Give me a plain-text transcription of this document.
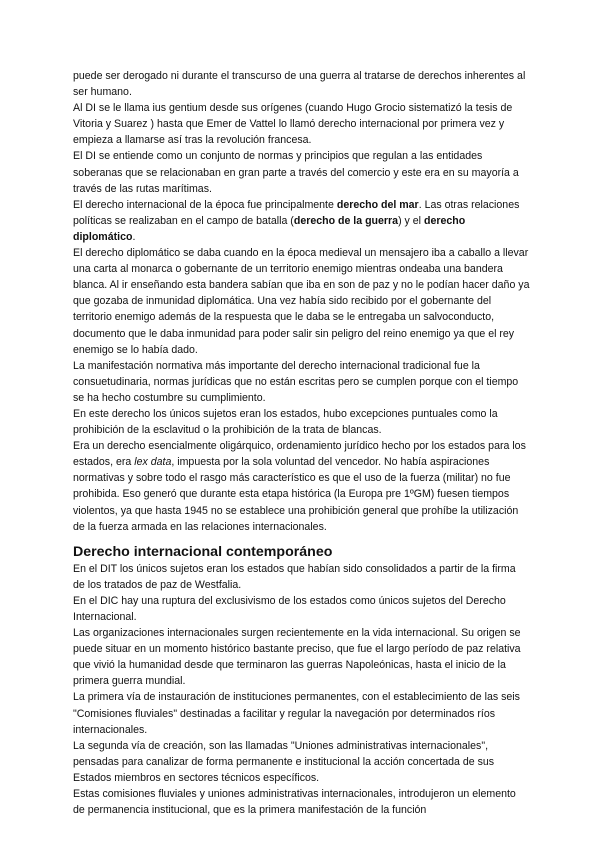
puede ser derogado ni durante el transcurso de una guerra al tratarse de derechos inherentes al ser humano.

Al DI se le llama ius gentium desde sus orígenes (cuando Hugo Grocio sistematizó la tesis de Vitoria y Suarez ) hasta que Emer de Vattel lo llamó derecho internacional por primera vez y empieza a llamarse así tras la revolución francesa.

El DI se entiende como un conjunto de normas y principios que regulan a las entidades soberanas que se relacionaban en gran parte a través del comercio y este era en su mayoría a través de las rutas marítimas.

El derecho internacional de la época fue principalmente derecho del mar. Las otras relaciones políticas se realizaban en el campo de batalla (derecho de la guerra) y el derecho diplomático.

El derecho diplomático se daba cuando en la época medieval un mensajero iba a caballo a llevar una carta al monarca o gobernante de un territorio enemigo mientras ondeaba una bandera blanca. Al ir enseñando esta bandera sabían que iba en son de paz y no le podían hacer daño ya que gozaba de inmunidad diplomática. Una vez había sido recibido por el gobernante del territorio enemigo además de la respuesta que le daba se le entregaba un salvoconducto, documento que le daba inmunidad para poder salir sin peligro del reino enemigo ya que el rey enemigo se lo había dado.

La manifestación normativa más importante del derecho internacional tradicional fue la consuetudinaria, normas jurídicas que no están escritas pero se cumplen porque con el tiempo se ha hecho costumbre su cumplimiento.

En este derecho los únicos sujetos eran los estados, hubo excepciones puntuales como la prohibición de la esclavitud o la prohibición de la trata de blancas.

Era un derecho esencialmente oligárquico, ordenamiento jurídico hecho por los estados para los estados, era lex data, impuesta por la sola voluntad del vencedor. No había aspiraciones normativas y sobre todo el rasgo más característico es que el uso de la fuerza (militar) no fue prohibida. Eso generó que durante esta etapa histórica (la Europa pre 1ºGM) fuesen tiempos violentos, ya que hasta 1945 no se establece una prohibición general que prohíbe la utilización de la fuerza armada en las relaciones internacionales.

Derecho internacional contemporáneo

En el DIT los únicos sujetos eran los estados que habían sido consolidados a partir de la firma de los tratados de paz de Westfalia.

En el DIC hay una ruptura del exclusivismo de los estados como únicos sujetos del Derecho Internacional.

Las organizaciones internacionales surgen recientemente en la vida internacional. Su origen se puede situar en un momento histórico bastante preciso, que fue el largo período de paz relativa que vivió la humanidad desde que terminaron las guerras Napoleónicas, hasta el inicio de la primera guerra mundial.

La primera vía de instauración de instituciones permanentes, con el establecimiento de las seis "Comisiones fluviales" destinadas a facilitar y regular la navegación por determinados ríos internacionales.

La segunda vía de creación, son las llamadas "Uniones administrativas internacionales", pensadas para canalizar de forma permanente e institucional la acción concertada de sus Estados miembros en sectores técnicos específicos.

Estas comisiones fluviales y uniones administrativas internacionales, introdujeron un elemento de permanencia institucional, que es la primera manifestación de la función
